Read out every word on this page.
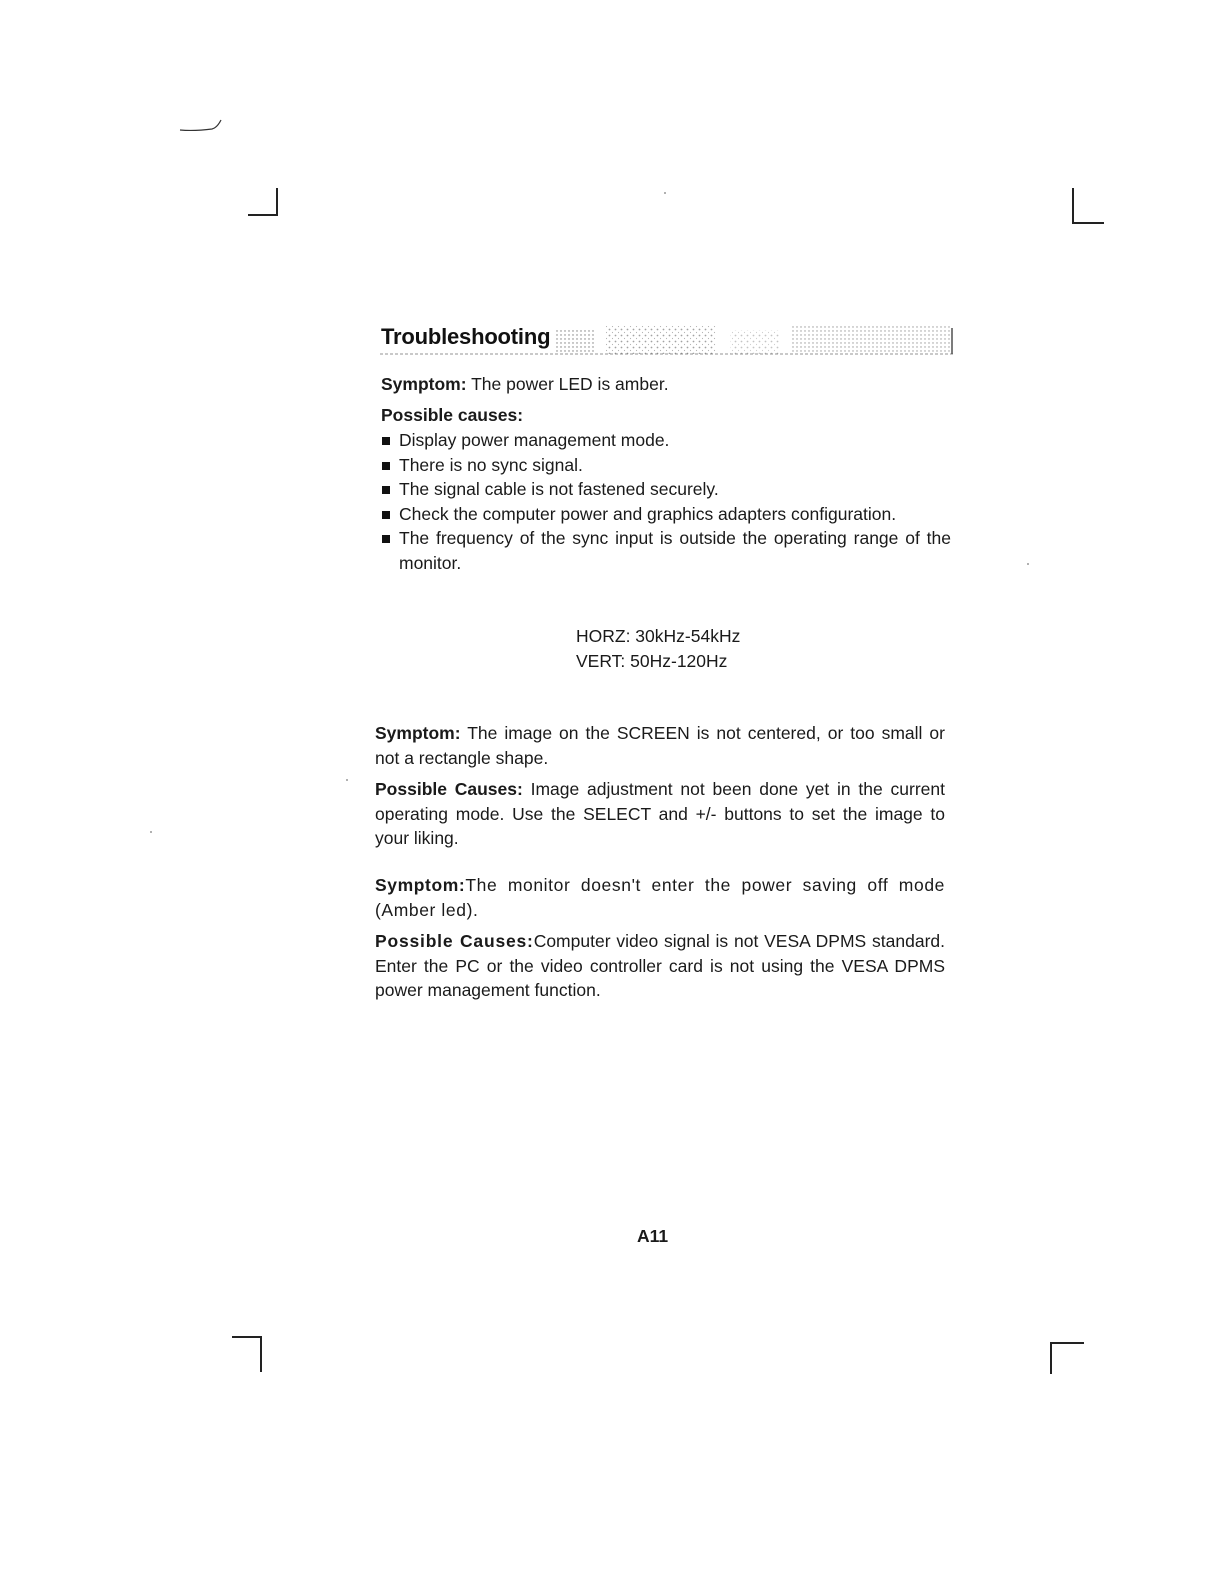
Troubleshooting
Symptom: The power LED is amber.
Possible causes:
Display power management mode.
There is no sync signal.
The signal cable is not fastened securely.
Check the computer power and graphics adapters configuration.
The frequency of the sync input is outside the operating range of the monitor.
HORZ: 30kHz-54kHz
VERT: 50Hz-120Hz
Symptom: The image on the SCREEN is not centered, or too small or not a rectangle shape.
Possible Causes: Image adjustment not been done yet in the current operating mode. Use the SELECT and +/- buttons to set the image to your liking.
Symptom:The monitor doesn't enter the power saving off mode (Amber led).
Possible Causes:Computer video signal is not VESA DPMS standard. Enter the PC or the video controller card is not using the VESA DPMS power management function.
A11
